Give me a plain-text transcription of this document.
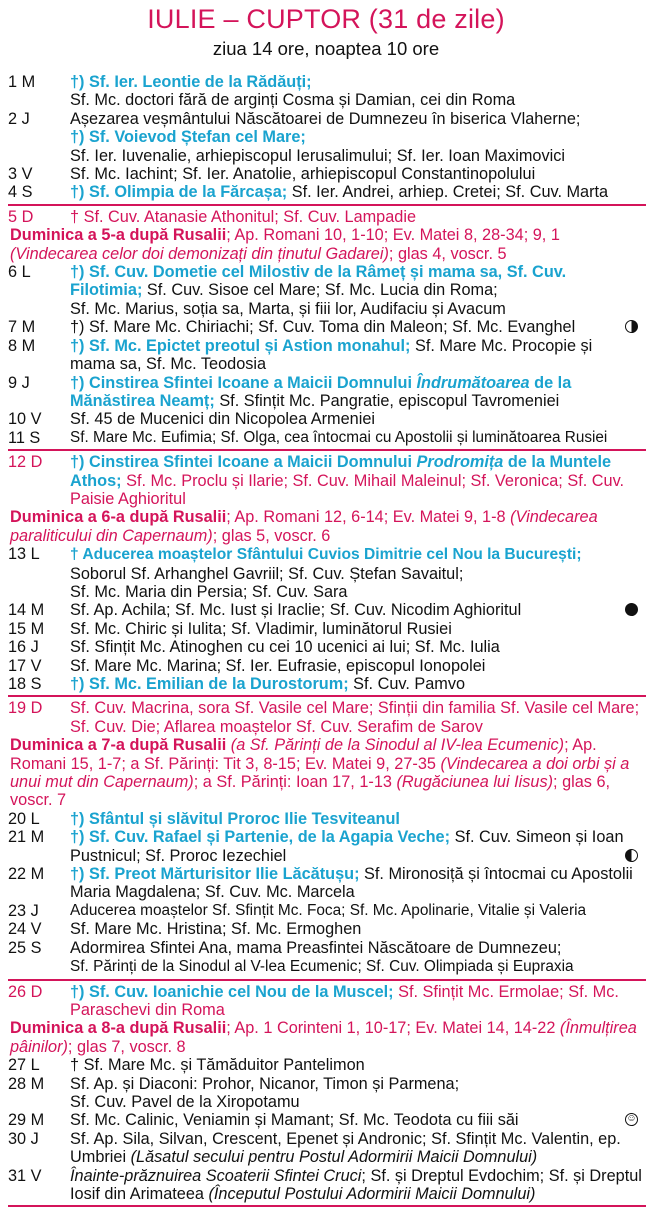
IULIE – CUPTOR (31 de zile)
ziua 14 ore, noaptea 10 ore
1 M	†) Sf. Ier. Leontie de la Rădăuți;
Sf. Mc. doctori fără de arginți Cosma și Damian, cei din Roma
2 J	Așezarea veșmântului Născătoarei de Dumnezeu în biserica Vlaherne;
†) Sf. Voievod Ștefan cel Mare;
Sf. Ier. Iuvenalie, arhiepiscopul Ierusalimului; Sf. Ier. Ioan Maximovici
3 V	Sf. Mc. Iachint; Sf. Ier. Anatolie, arhiepiscopul Constantinopolului
4 S	†) Sf. Olimpia de la Fărcașa; Sf. Ier. Andrei, arhiep. Cretei; Sf. Cuv. Marta
5 D	† Sf. Cuv. Atanasie Athonitul; Sf. Cuv. Lampadie
Duminica a 5-a după Rusalii; Ap. Romani 10, 1-10; Ev. Matei 8, 28-34; 9, 1 (Vindecarea celor doi demonizați din ținutul Gadarei); glas 4, voscr. 5
6 L	†) Sf. Cuv. Dometie cel Milostiv de la Râmeț și mama sa, Sf. Cuv. Filotimia; Sf. Cuv. Sisoe cel Mare; Sf. Mc. Lucia din Roma;
Sf. Mc. Marius, soția sa, Marta, și fiii lor, Audifaciu și Avacum
7 M	†) Sf. Mare Mc. Chiriachi; Sf. Cuv. Toma din Maleon; Sf. Mc. Evanghel
8 M	†) Sf. Mc. Epictet preotul și Astion monahul; Sf. Mare Mc. Procopie și mama sa, Sf. Mc. Teodosia
9 J	†) Cinstirea Sfintei Icoane a Maicii Domnului Îndrumătoarea de la Mănăstirea Neamț; Sf. Sfințit Mc. Pangratie, episcopul Tavromeniei
10 V	Sf. 45 de Mucenici din Nicopolea Armeniei
11 S	Sf. Mare Mc. Eufimia; Sf. Olga, cea întocmai cu Apostolii și luminătoarea Rusiei
12 D	†) Cinstirea Sfintei Icoane a Maicii Domnului Prodromița de la Muntele Athos; Sf. Mc. Proclu și Ilarie; Sf. Cuv. Mihail Maleinul; Sf. Veronica; Sf. Cuv. Paisie Aghioritul
Duminica a 6-a după Rusalii; Ap. Romani 12, 6-14; Ev. Matei 9, 1-8 (Vindecarea paraliticului din Capernaum); glas 5, voscr. 6
13 L	† Aducerea moaștelor Sfântului Cuvios Dimitrie cel Nou la București;
Soborul Sf. Arhanghel Gavriil; Sf. Cuv. Ștefan Savaitul;
Sf. Mc. Maria din Persia; Sf. Cuv. Sara
14 M	Sf. Ap. Achila; Sf. Mc. Iust și Iraclie; Sf. Cuv. Nicodim Aghioritul
15 M	Sf. Mc. Chiric și Iulita; Sf. Vladimir, luminătorul Rusiei
16 J	Sf. Sfințit Mc. Atinoghen cu cei 10 ucenici ai lui; Sf. Mc. Iulia
17 V	Sf. Mare Mc. Marina; Sf. Ier. Eufrasie, episcopul Ionopolei
18 S	†) Sf. Mc. Emilian de la Durostorum; Sf. Cuv. Pamvo
19 D	Sf. Cuv. Macrina, sora Sf. Vasile cel Mare; Sfinții din familia Sf. Vasile cel Mare; Sf. Cuv. Die; Aflarea moaștelor Sf. Cuv. Serafim de Sarov
Duminica a 7-a după Rusalii (a Sf. Părinți de la Sinodul al IV-lea Ecumenic); Ap. Romani 15, 1-7; a Sf. Părinți: Tit 3, 8-15; Ev. Matei 9, 27-35 (Vindecarea a doi orbi și a unui mut din Capernaum); a Sf. Părinți: Ioan 17, 1-13 (Rugăciunea lui Iisus); glas 6, voscr. 7
20 L	†) Sfântul și slăvitul Proroc Ilie Tesviteanul
21 M	†) Sf. Cuv. Rafael și Partenie, de la Agapia Veche; Sf. Cuv. Simeon și Ioan Pustnicul; Sf. Proroc Iezechiel
22 M	†) Sf. Preot Mărturisitor Ilie Lăcătușu; Sf. Mironosiță și întocmai cu Apostolii Maria Magdalena; Sf. Cuv. Mc. Marcela
23 J	Aducerea moaștelor Sf. Sfințit Mc. Foca; Sf. Mc. Apolinarie, Vitalie și Valeria
24 V	Sf. Mare Mc. Hristina; Sf. Mc. Ermoghen
25 S	Adormirea Sfintei Ana, mama Preasfintei Născătoare de Dumnezeu;
Sf. Părinți de la Sinodul al V-lea Ecumenic; Sf. Cuv. Olimpiada și Eupraxia
26 D	†) Sf. Cuv. Ioanichie cel Nou de la Muscel; Sf. Sfințit Mc. Ermolae; Sf. Mc. Paraschevi din Roma
Duminica a 8-a după Rusalii; Ap. 1 Corinteni 1, 10-17; Ev. Matei 14, 14-22 (Înmulțirea pâinilor); glas 7, voscr. 8
27 L	† Sf. Mare Mc. și Tămăduitor Pantelimon
28 M	Sf. Ap. și Diaconi: Prohor, Nicanor, Timon și Parmena;
Sf. Cuv. Pavel de la Xiropotamu
29 M	Sf. Mc. Calinic, Veniamin și Mamant; Sf. Mc. Teodota cu fiii săi	☺
30 J	Sf. Ap. Sila, Silvan, Crescent, Epenet și Andronic; Sf. Sfințit Mc. Valentin, ep. Umbriei (Lăsatul secului pentru Postul Adormirii Maicii Domnului)
31 V	Înainte-prăznuirea Scoaterii Sfintei Cruci; Sf. și Dreptul Evdochim; Sf. și Dreptul Iosif din Arimateea (Începutul Postului Adormirii Maicii Domnului)
